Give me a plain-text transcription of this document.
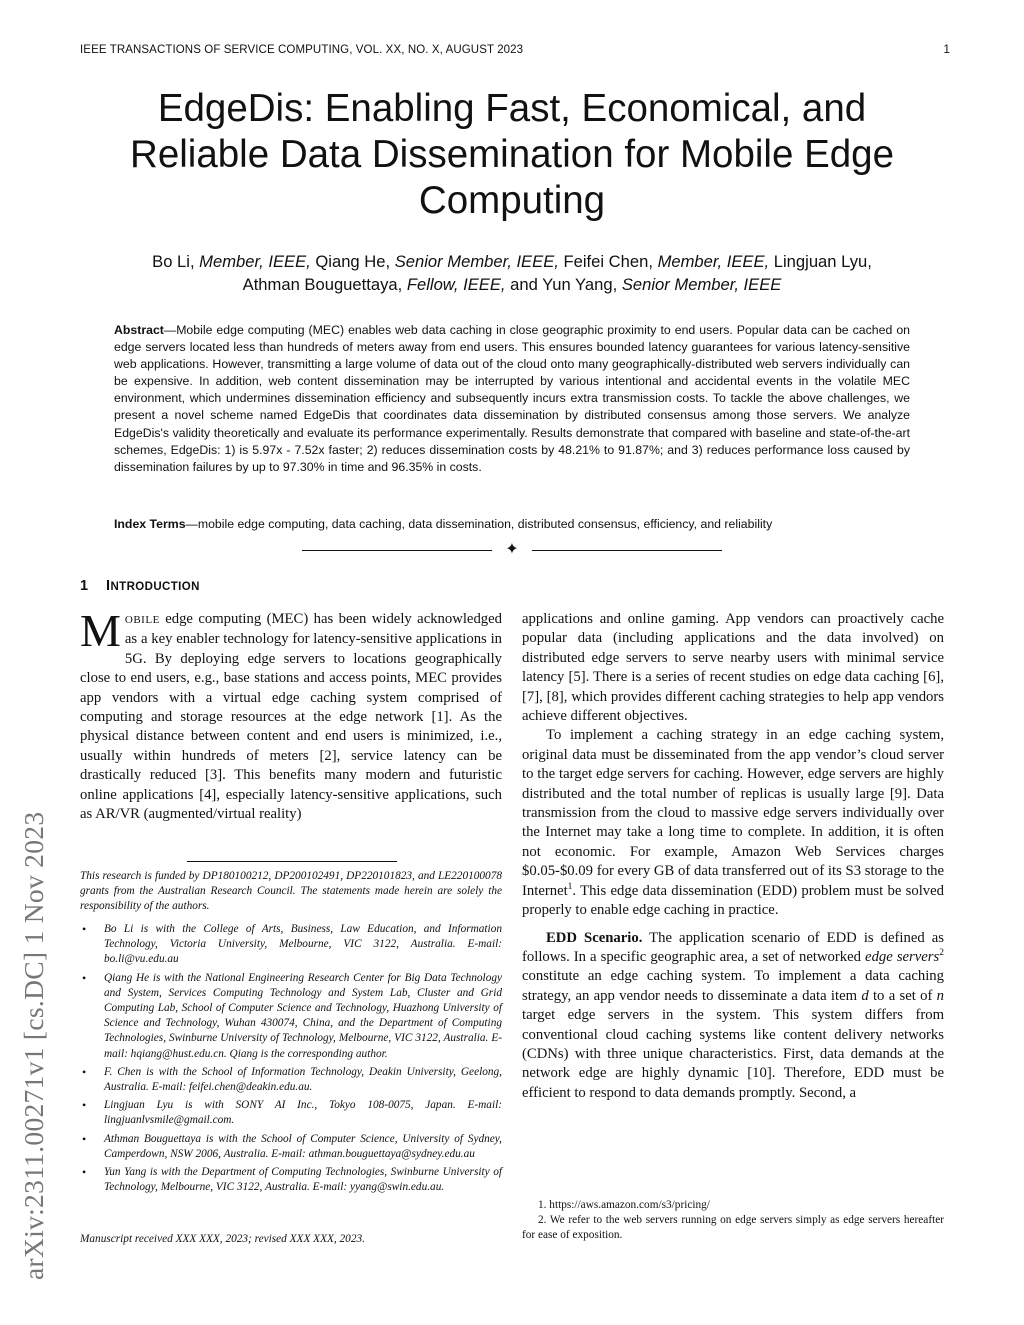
IEEE TRANSACTIONS OF SERVICE COMPUTING, VOL. XX, NO. X, AUGUST 2023	1
EdgeDis: Enabling Fast, Economical, and Reliable Data Dissemination for Mobile Edge Computing
Bo Li, Member, IEEE, Qiang He, Senior Member, IEEE, Feifei Chen, Member, IEEE, Lingjuan Lyu,
Athman Bouguettaya, Fellow, IEEE, and Yun Yang, Senior Member, IEEE
Abstract—Mobile edge computing (MEC) enables web data caching in close geographic proximity to end users. Popular data can be cached on edge servers located less than hundreds of meters away from end users. This ensures bounded latency guarantees for various latency-sensitive web applications. However, transmitting a large volume of data out of the cloud onto many geographically-distributed web servers individually can be expensive. In addition, web content dissemination may be interrupted by various intentional and accidental events in the volatile MEC environment, which undermines dissemination efficiency and subsequently incurs extra transmission costs. To tackle the above challenges, we present a novel scheme named EdgeDis that coordinates data dissemination by distributed consensus among those servers. We analyze EdgeDis's validity theoretically and evaluate its performance experimentally. Results demonstrate that compared with baseline and state-of-the-art schemes, EdgeDis: 1) is 5.97x - 7.52x faster; 2) reduces dissemination costs by 48.21% to 91.87%; and 3) reduces performance loss caused by dissemination failures by up to 97.30% in time and 96.35% in costs.
Index Terms—mobile edge computing, data caching, data dissemination, distributed consensus, efficiency, and reliability
✦
arXiv:2311.00271v1 [cs.DC] 1 Nov 2023
1 INTRODUCTION

MOBILE edge computing (MEC) has been widely acknowledged as a key enabler technology for latency-sensitive applications in 5G. By deploying edge servers to locations geographically close to end users, e.g., base stations and access points, MEC provides app vendors with a virtual edge caching system comprised of computing and storage resources at the edge network [1]. As the physical distance between content and end users is minimized, i.e., usually within hundreds of meters [2], service latency can be drastically reduced [3]. This benefits many modern and futuristic online applications [4], especially latency-sensitive applications, such as AR/VR (augmented/virtual reality)

This research is funded by DP180100212, DP200102491, DP220101823, and LE220100078 grants from the Australian Research Council. The statements made herein are solely the responsibility of the authors.
• Bo Li is with the College of Arts, Business, Law Education, and Information Technology, Victoria University, Melbourne, VIC 3122, Australia. E-mail: bo.li@vu.edu.au
• Qiang He is with the National Engineering Research Center for Big Data Technology and System, Services Computing Technology and System Lab, Cluster and Grid Computing Lab, School of Computer Science and Technology, Huazhong University of Science and Technology, Wuhan 430074, China, and the Department of Computing Technologies, Swinburne University of Technology, Melbourne, VIC 3122, Australia. E-mail: hqiang@hust.edu.cn. Qiang is the corresponding author.
• F. Chen is with the School of Information Technology, Deakin University, Geelong, Australia. E-mail: feifei.chen@deakin.edu.au.
• Lingjuan Lyu is with SONY AI Inc., Tokyo 108-0075, Japan. E-mail: lingjuanlvsmile@gmail.com.
• Athman Bouguettaya is with the School of Computer Science, University of Sydney, Camperdown, NSW 2006, Australia. E-mail: athman.bouguettaya@sydney.edu.au
• Yun Yang is with the Department of Computing Technologies, Swinburne University of Technology, Melbourne, VIC 3122, Australia. E-mail: yyang@swin.edu.au.
Manuscript received XXX XXX, 2023; revised XXX XXX, 2023.

applications and online gaming. App vendors can proactively cache popular data (including applications and the data involved) on distributed edge servers to serve nearby users with minimal service latency [5]. There is a series of recent studies on edge data caching [6], [7], [8], which provides different caching strategies to help app vendors achieve different objectives.

To implement a caching strategy in an edge caching system, original data must be disseminated from the app vendor’s cloud server to the target edge servers for caching. However, edge servers are highly distributed and the total number of replicas is usually large [9]. Data transmission from the cloud to massive edge servers individually over the Internet may take a long time to complete. In addition, it is often not economic. For example, Amazon Web Services charges $0.05-$0.09 for every GB of data transferred out of its S3 storage to the Internet$^1$. This edge data dissemination (EDD) problem must be solved properly to enable edge caching in practice.

EDD Scenario. The application scenario of EDD is defined as follows. In a specific geographic area, a set of networked edge servers$^2$ constitute an edge caching system. To implement a data caching strategy, an app vendor needs to disseminate a data item d to a set of n target edge servers in the system. This system differs from conventional cloud caching systems like content delivery networks (CDNs) with three unique characteristics. First, data demands at the network edge are highly dynamic [10]. Therefore, EDD must be efficient to respond to data demands promptly. Second, a

1. https://aws.amazon.com/s3/pricing/
2. We refer to the web servers running on edge servers simply as edge servers hereafter for ease of exposition.
